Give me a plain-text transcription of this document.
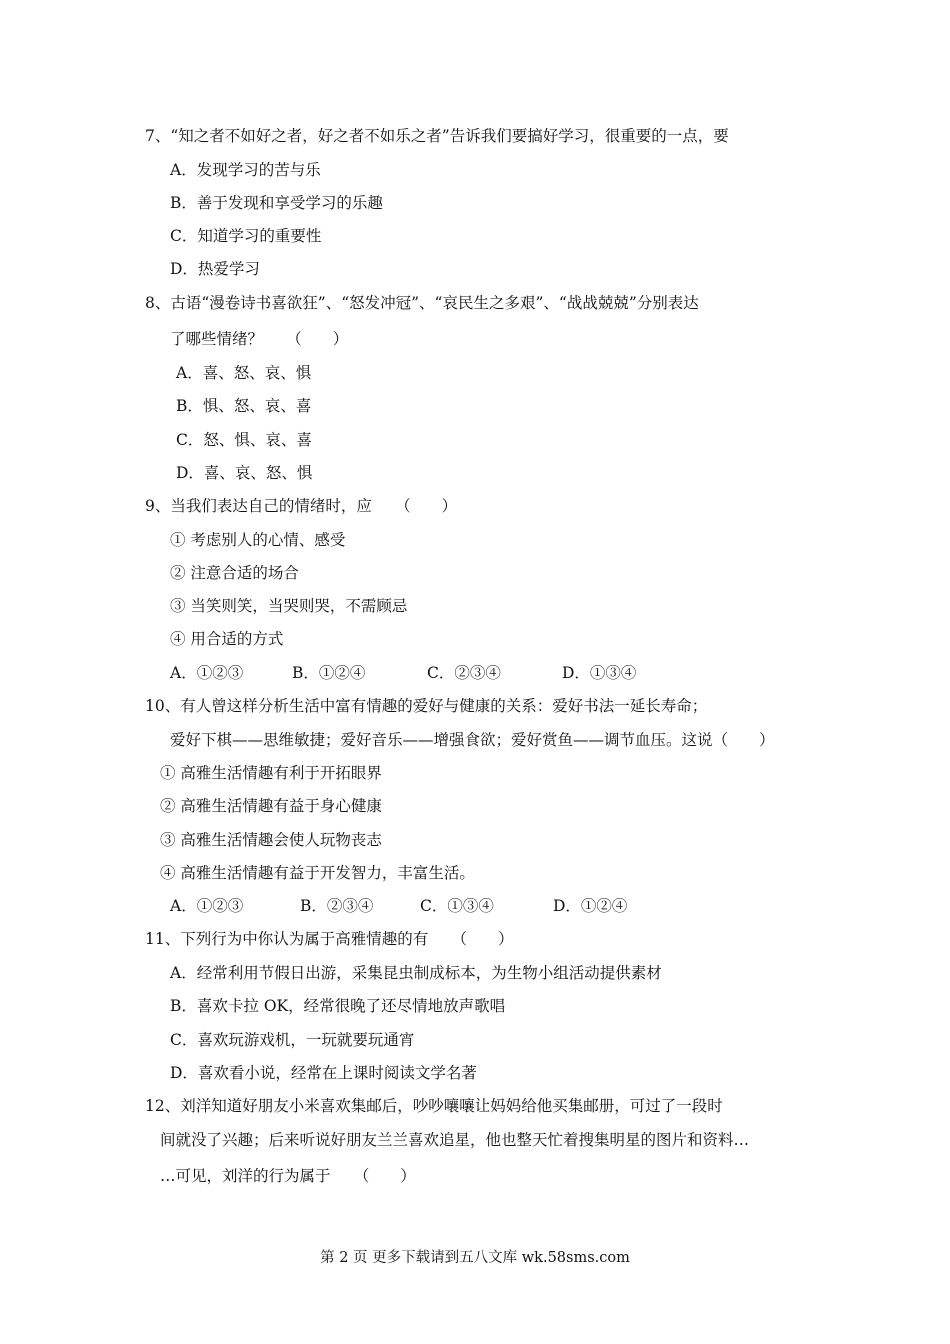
7、“知之者不如好之者，好之者不如乐之者”告诉我们要搞好学习，很重要的一点，要
A．发现学习的苦与乐
B．善于发现和享受学习的乐趣
C．知道学习的重要性
D．热爱学习
8、古语“漫卷诗书喜欲狂”、“怒发冲冠”、“哀民生之多艰”、“战战兢兢”分别表达
了哪些情绪？　　（　　）
A．喜、怒、哀、惧
B．惧、怒、哀、喜
C．怒、惧、哀、喜
D．喜、哀、怒、惧
9、当我们表达自己的情绪时，应　　（　　）
① 考虑别人的心情、感受
② 注意合适的场合
③ 当笑则笑，当哭则哭，不需顾忌
④ 用合适的方式
A．①②③	B．①②④	C．②③④	D．①③④
10、有人曾这样分析生活中富有情趣的爱好与健康的关系：爱好书法一延长寿命；
爱好下棋——思维敏捷；爱好音乐——增强食欲；爱好赏鱼——调节血压。这说（　　）
① 高雅生活情趣有利于开拓眼界
② 高雅生活情趣有益于身心健康
③ 高雅生活情趣会使人玩物丧志
④ 高雅生活情趣有益于开发智力，丰富生活。
A．①②③	B．②③④	C．①③④	D．①②④
11、下列行为中你认为属于高雅情趣的有　　（　　）
A．经常利用节假日出游，采集昆虫制成标本，为生物小组活动提供素材
B．喜欢卡拉 OK，经常很晚了还尽情地放声歌唱
C．喜欢玩游戏机，一玩就要玩通宵
D．喜欢看小说，经常在上课时阅读文学名著
12、刘洋知道好朋友小米喜欢集邮后，吵吵嚷嚷让妈妈给他买集邮册，可过了一段时
间就没了兴趣；后来听说好朋友兰兰喜欢追星，他也整天忙着搜集明星的图片和资料…
…可见，刘洋的行为属于　　（　　）
第 2 页 更多下载请到五八文库 wk.58sms.com
